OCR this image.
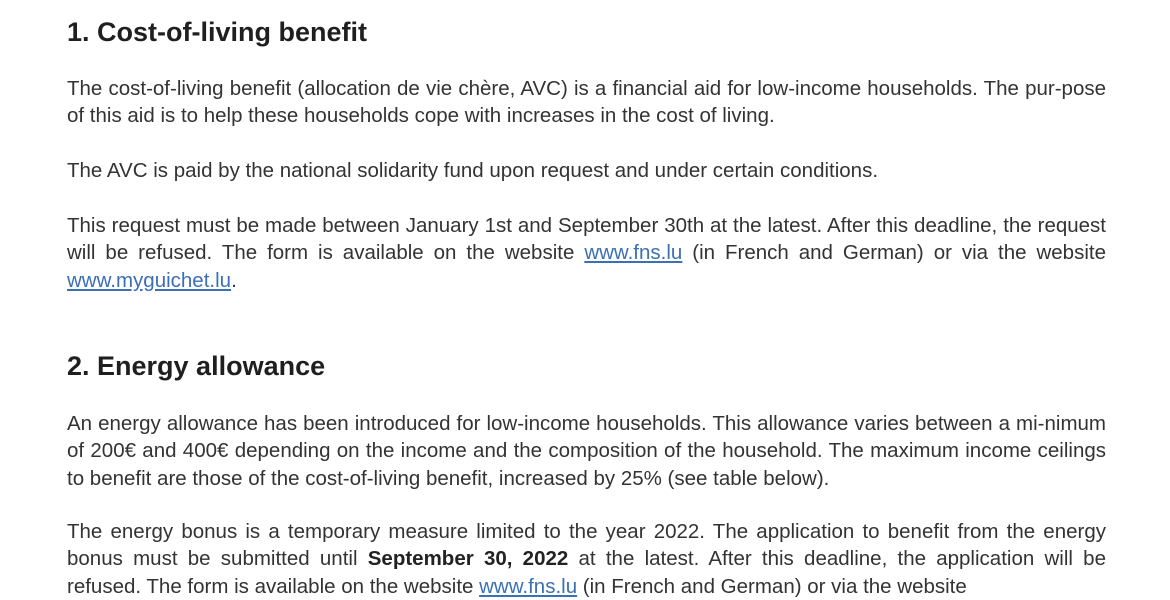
1. Cost-of-living benefit

The cost-of-living benefit (allocation de vie chère, AVC) is a financial aid for low-income households. The pur-pose of this aid is to help these households cope with increases in the cost of living.

The AVC is paid by the national solidarity fund upon request and under certain conditions.

This request must be made between January 1st and September 30th at the latest. After this deadline, the request will be refused. The form is available on the website www.fns.lu (in French and German) or via the website www.myguichet.lu.

2. Energy allowance

An energy allowance has been introduced for low-income households. This allowance varies between a mi-nimum of 200€ and 400€ depending on the income and the composition of the household. The maximum income ceilings to benefit are those of the cost-of-living benefit, increased by 25% (see table below).

The energy bonus is a temporary measure limited to the year 2022. The application to benefit from the energy bonus must be submitted until September 30, 2022 at the latest. After this deadline, the application will be refused. The form is available on the website www.fns.lu (in French and German) or via the website
